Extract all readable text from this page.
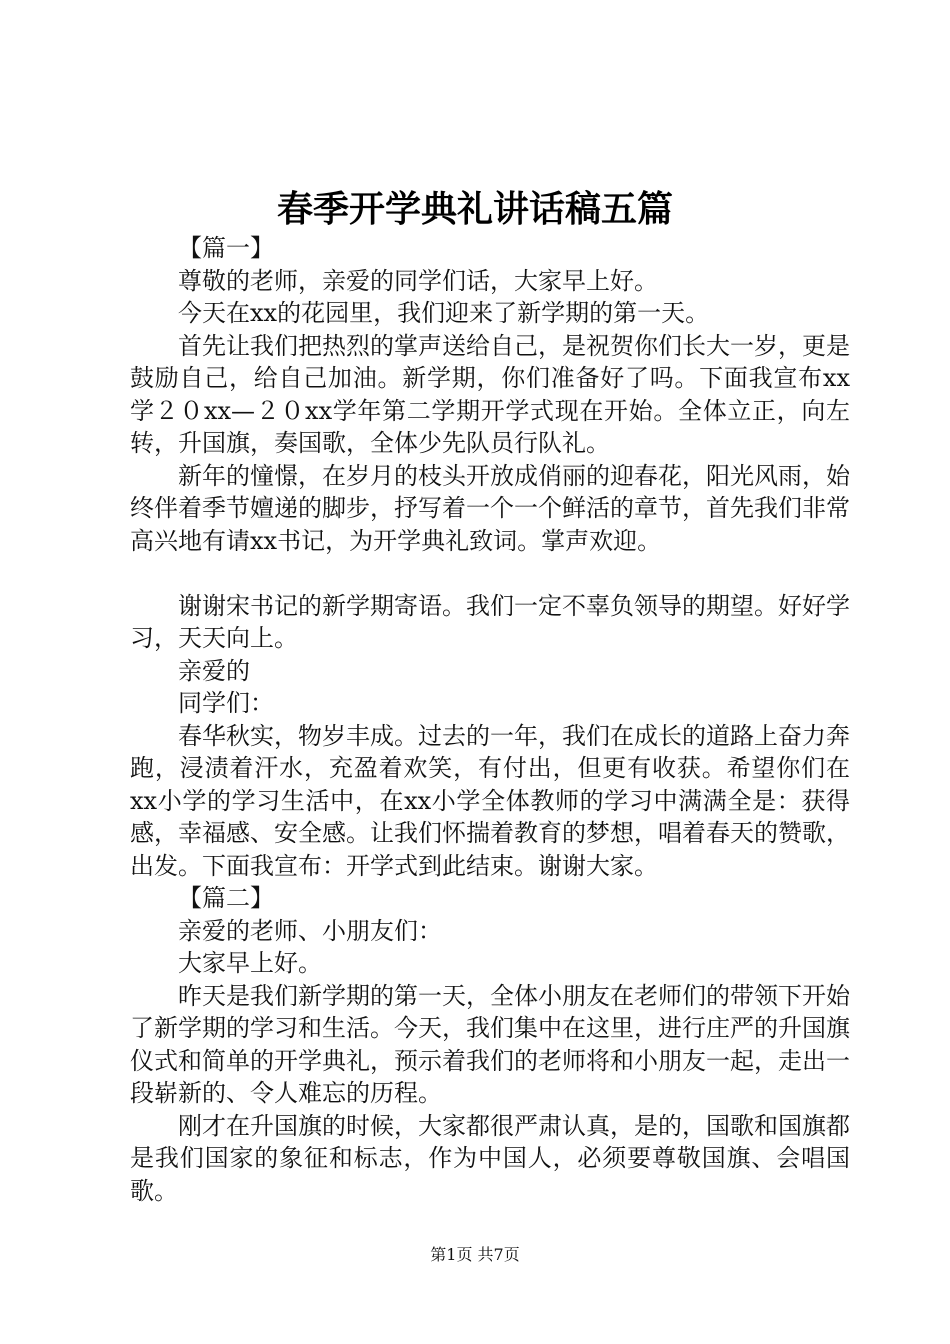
春季开学典礼讲话稿五篇

【篇一】

尊敬的老师，亲爱的同学们话，大家早上好。

今天在xx的花园里，我们迎来了新学期的第一天。

首先让我们把热烈的掌声送给自己，是祝贺你们长大一岁，更是鼓励自己，给自己加油。新学期，你们准备好了吗。下面我宣布xx学２０xx—２０xx学年第二学期开学式现在开始。全体立正，向左转，升国旗，奏国歌，全体少先队员行队礼。

新年的憧憬，在岁月的枝头开放成俏丽的迎春花，阳光风雨，始终伴着季节嬗递的脚步，抒写着一个一个鲜活的章节，首先我们非常高兴地有请xx书记，为开学典礼致词。掌声欢迎。

谢谢宋书记的新学期寄语。我们一定不辜负领导的期望。好好学习，天天向上。

亲爱的

同学们：

春华秋实，物岁丰成。过去的一年，我们在成长的道路上奋力奔跑，浸渍着汗水，充盈着欢笑，有付出，但更有收获。希望你们在xx小学的学习生活中，在xx小学全体教师的学习中满满全是：获得感，幸福感、安全感。让我们怀揣着教育的梦想，唱着春天的赞歌，出发。下面我宣布：开学式到此结束。谢谢大家。

【篇二】

亲爱的老师、小朋友们：

大家早上好。

昨天是我们新学期的第一天，全体小朋友在老师们的带领下开始了新学期的学习和生活。今天，我们集中在这里，进行庄严的升国旗仪式和简单的开学典礼，预示着我们的老师将和小朋友一起，走出一段崭新的、令人难忘的历程。

刚才在升国旗的时候，大家都很严肃认真，是的，国歌和国旗都是我们国家的象征和标志，作为中国人，必须要尊敬国旗、会唱国歌。

第1页 共7页
